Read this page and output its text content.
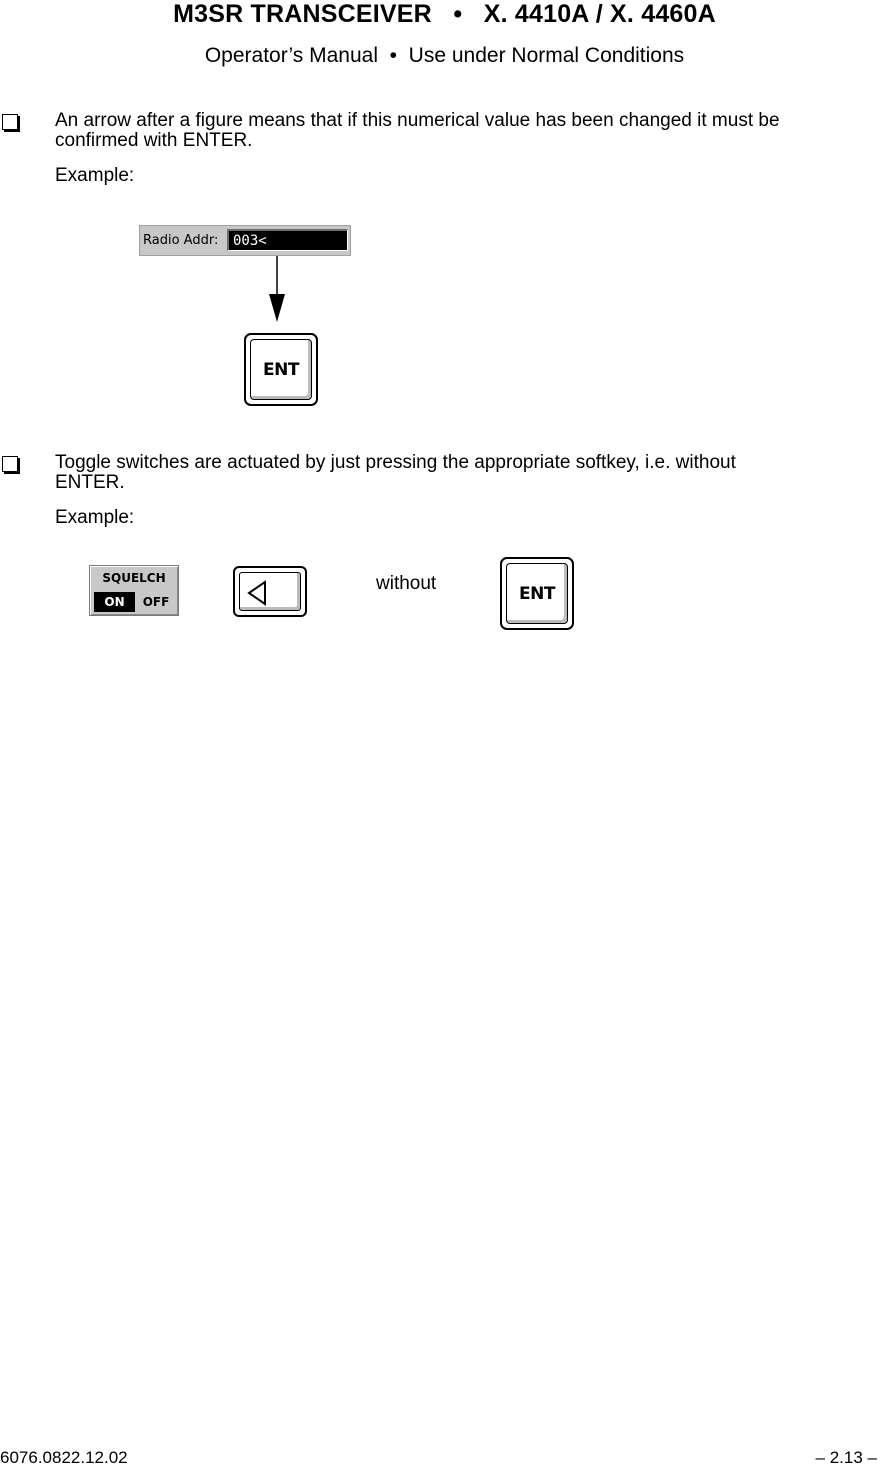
M3SR TRANSCEIVER   •   X. 4410A / X. 4460A
Operator’s Manual  •  Use under Normal Conditions
An arrow after a figure means that if this numerical value has been changed it must be
confirmed with ENTER.
Example:
Radio Addr: 003<
ENT
Toggle switches are actuated by just pressing the appropriate softkey, i.e. without
ENTER.
Example:
SQUELCH
ON	OFF
without	ENT
6076.0822.12.02	– 2.13 –
